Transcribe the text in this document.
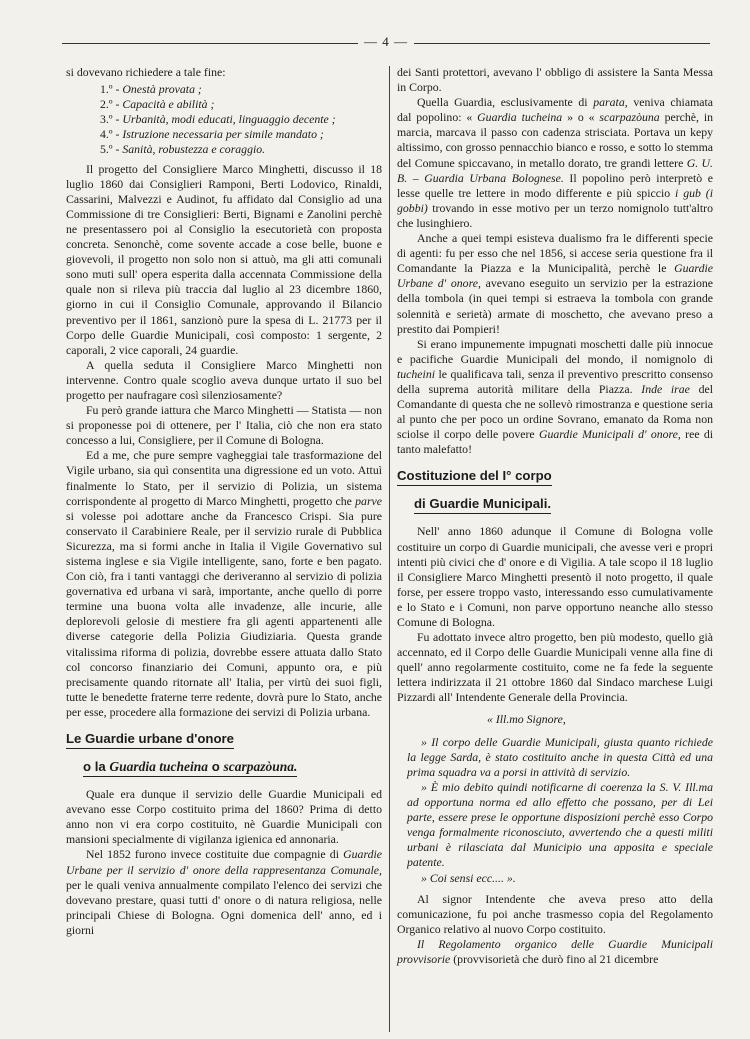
— 4 —

si dovevano richiedere a tale fine:

1.º - Onestà provata ;
2.º - Capacità e abilità ;
3.º - Urbanità, modi educati, linguaggio decente ;
4.º - Istruzione necessaria per simile mandato ;
5.º - Sanità, robustezza e coraggio.

Il progetto del Consigliere Marco Minghetti, discusso il 18 luglio 1860 dai Consiglieri Ramponi, Berti Lodovico, Rinaldi, Cassarini, Malvezzi e Audinot, fu affidato dal Consiglio ad una Commissione di tre Consiglieri: Berti, Bignami e Zanolini perchè ne presentassero poi al Consiglio la esecutorietà con proposta concreta. Senonchè, come sovente accade a cose belle, buone e giovevoli, il progetto non solo non si attuò, ma gli atti comunali sono muti sull' opera esperita dalla accennata Commissione della quale non si rileva più traccia dal luglio al 23 dicembre 1860, giorno in cui il Consiglio Comunale, approvando il Bilancio preventivo per il 1861, sanzionò pure la spesa di L. 21773 per il Corpo delle Guardie Municipali, così composto: 1 sergente, 2 caporali, 2 vice caporali, 24 guardie.

A quella seduta il Consigliere Marco Minghetti non intervenne. Contro quale scoglio aveva dunque urtato il suo bel progetto per naufragare così silenziosamente?

Fu però grande iattura che Marco Minghetti — Statista — non si proponesse poi di ottenere, per l' Italia, ciò che non era stato concesso a lui, Consigliere, per il Comune di Bologna.

Ed a me, che pure sempre vagheggiai tale trasformazione del Vigile urbano, sia quì consentita una digressione ed un voto. Attuì finalmente lo Stato, per il servizio di Polizia, un sistema corrispondente al progetto di Marco Minghetti, progetto che parve si volesse poi adottare anche da Francesco Crispi. Sia pure conservato il Carabiniere Reale, per il servizio rurale di Pubblica Sicurezza, ma si formi anche in Italia il Vigile Governativo sul sistema inglese e sia Vigile intelligente, sano, forte e ben pagato. Con ciò, fra i tanti vantaggi che deriveranno al servizio di polizia governativa ed urbana vi sarà, importante, anche quello di porre termine una buona volta alle invadenze, alle incurie, alle deplorevoli gelosie di mestiere fra gli agenti appartenenti alle diverse categorie della Polizia Giudiziaria. Questa grande vitalissima riforma di polizia, dovrebbe essere attuata dallo Stato col concorso finanziario dei Comuni, appunto ora, e più precisamente quando ritornate all' Italia, per virtù dei suoi figli, tutte le benedette fraterne terre redente, dovrà pure lo Stato, anche per esse, procedere alla formazione dei servizi di Polizia urbana.

Le Guardie urbane d'onore
o la Guardia tucheina o scarpazòuna.

Quale era dunque il servizio delle Guardie Municipali ed avevano esse Corpo costituito prima del 1860? Prima di detto anno non vi era corpo costituito, nè Guardie Municipali con mansioni specialmente di vigilanza igienica ed annonaria.

Nel 1852 furono invece costituite due compagnie di Guardie Urbane per il servizio d' onore della rappresentanza Comunale, per le quali veniva annualmente compilato l'elenco dei servizi che dovevano prestare, quasi tutti d' onore o di natura religiosa, nelle principali Chiese di Bologna. Ogni domenica dell' anno, ed i giorni

dei Santi protettori, avevano l' obbligo di assistere la Santa Messa in Corpo.

Quella Guardia, esclusivamente di parata, veniva chiamata dal popolino: « Guardia tucheina » o « scarpazòuna perchè, in marcia, marcava il passo con cadenza strisciata. Portava un kepy altissimo, con grosso pennacchio bianco e rosso, e sotto lo stemma del Comune spiccavano, in metallo dorato, tre grandi lettere G. U. B. – Guardia Urbana Bolognese. Il popolino però interpretò e lesse quelle tre lettere in modo differente e più spiccio i gub (i gobbi) trovando in esse motivo per un terzo nomignolo tutt'altro che lusinghiero.

Anche a quei tempi esisteva dualismo fra le differenti specie di agenti: fu per esso che nel 1856, si accese seria questione fra il Comandante la Piazza e la Municipalità, perchè le Guardie Urbane d' onore, avevano eseguito un servizio per la estrazione della tombola (in quei tempi si estraeva la tombola con grande solennità e serietà) armate di moschetto, che avevano preso a prestito dai Pompieri!

Si erano impunemente impugnati moschetti dalle più innocue e pacifiche Guardie Municipali del mondo, il nomignolo di tucheini le qualificava tali, senza il preventivo prescritto consenso della suprema autorità militare della Piazza. Inde irae del Comandante di questa che ne sollevò rimostranza e questione seria al punto che per poco un ordine Sovrano, emanato da Roma non sciolse il corpo delle povere Guardie Municipali d' onore, ree di tanto malefatto!

Costituzione del I° corpo
di Guardie Municipali.

Nell' anno 1860 adunque il Comune di Bologna volle costituire un corpo di Guardie municipali, che avesse veri e propri intenti più civici che d' onore e di Vigilia. A tale scopo il 18 luglio il Consigliere Marco Minghetti presentò il noto progetto, il quale forse, per essere troppo vasto, interessando esso cumulativamente e lo Stato e i Comuni, non parve opportuno neanche allo stesso Comune di Bologna.

Fu adottato invece altro progetto, ben più modesto, quello già accennato, ed il Corpo delle Guardie Municipali venne alla fine di quell' anno regolarmente costituito, come ne fa fede la seguente lettera indirizzata il 21 ottobre 1860 dal Sindaco marchese Luigi Pizzardi all' Intendente Generale della Provincia.

« Ill.mo Signore,

» Il corpo delle Guardie Municipali, giusta quanto richiede la legge Sarda, è stato costituito anche in questa Città ed una prima squadra va a porsi in attività di servizio.

» È mio debito quindi notificarne di coerenza la S. V. Ill.ma ad opportuna norma ed allo effetto che possano, per di Lei parte, essere prese le opportune disposizioni perchè esso Corpo venga formalmente riconosciuto, avvertendo che a questi militi urbani è rilasciata dal Municipio una apposita e speciale patente.

» Coi sensi ecc.... ».

Al signor Intendente che aveva preso atto della comunicazione, fu poi anche trasmesso copia del Regolamento Organico relativo al nuovo Corpo costituito.

Il Regolamento organico delle Guardie Municipali provvisorie (provvisorietà che durò fino al 21 dicembre
